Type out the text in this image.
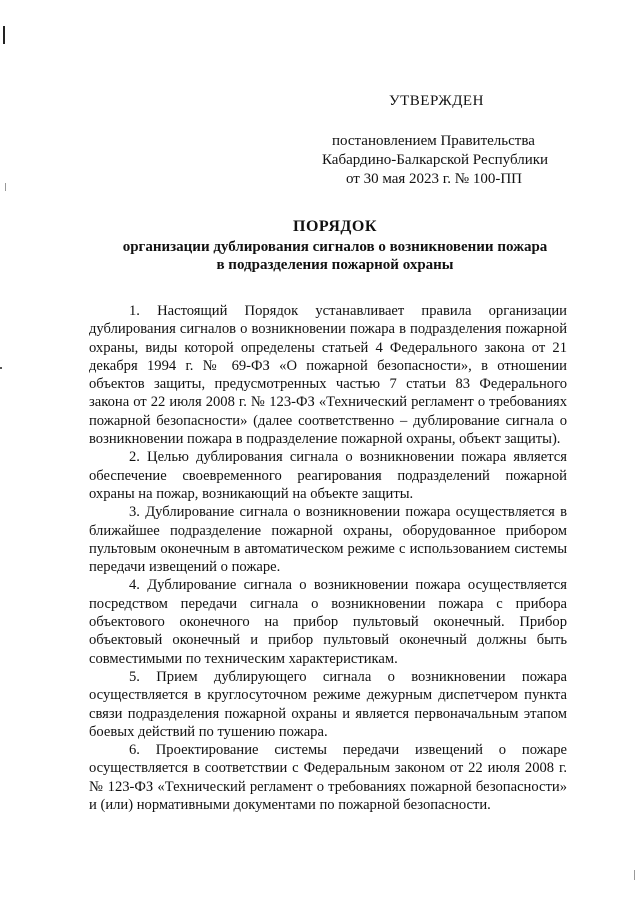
УТВЕРЖДЕН
постановлением Правительства
Кабардино-Балкарской Республики
от 30 мая 2023 г. № 100-ПП
ПОРЯДОК
организации дублирования сигналов о возникновении пожара
в подразделения пожарной охраны

1. Настоящий Порядок устанавливает правила организации дублирования сигналов о возникновении пожара в подразделения пожарной охраны, виды которой определены статьей 4 Федерального закона от 21 декабря 1994 г. № 69-ФЗ «О пожарной безопасности», в отношении объектов защиты, предусмотренных частью 7 статьи 83 Федерального закона от 22 июля 2008 г. № 123-ФЗ «Технический регламент о требованиях пожарной безопасности» (далее соответственно – дублирование сигнала о возникновении пожара в подразделение пожарной охраны, объект защиты).

2. Целью дублирования сигнала о возникновении пожара является обеспечение своевременного реагирования подразделений пожарной охраны на пожар, возникающий на объекте защиты.

3. Дублирование сигнала о возникновении пожара осуществляется в ближайшее подразделение пожарной охраны, оборудованное прибором пультовым оконечным в автоматическом режиме с использованием системы передачи извещений о пожаре.

4. Дублирование сигнала о возникновении пожара осуществляется посредством передачи сигнала о возникновении пожара с прибора объектового оконечного на прибор пультовый оконечный. Прибор объектовый оконечный и прибор пультовый оконечный должны быть совместимыми по техническим характеристикам.

5. Прием дублирующего сигнала о возникновении пожара осуществляется в круглосуточном режиме дежурным диспетчером пункта связи подразделения пожарной охраны и является первоначальным этапом боевых действий по тушению пожара.

6. Проектирование системы передачи извещений о пожаре осуществляется в соответствии с Федеральным законом от 22 июля 2008 г. № 123-ФЗ «Технический регламент о требованиях пожарной безопасности» и (или) нормативными документами по пожарной безопасности.
